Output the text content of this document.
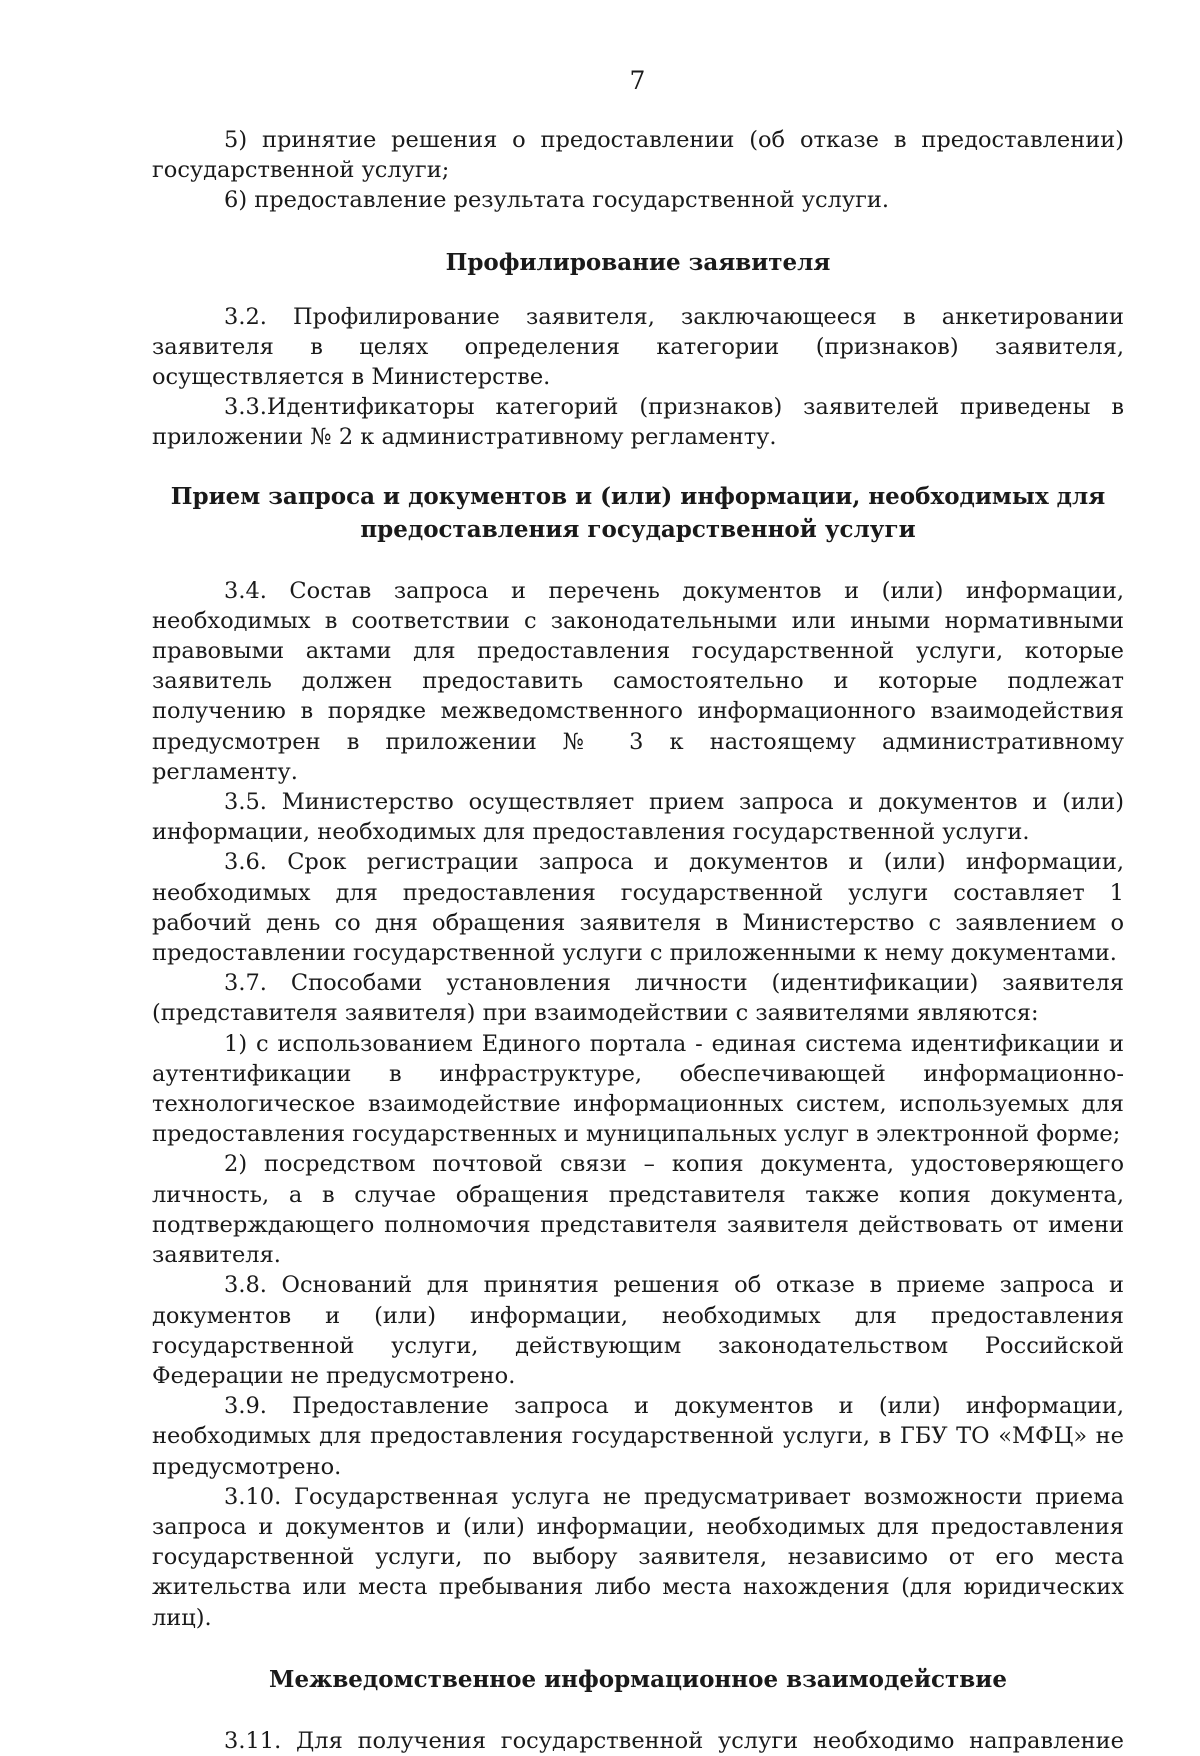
7

5) принятие решения о предоставлении (об отказе в предоставлении) государственной услуги;

6) предоставление результата государственной услуги.

Профилирование заявителя

3.2. Профилирование заявителя, заключающееся в анкетировании заявителя в целях определения категории (признаков) заявителя, осуществляется в Министерстве.

3.3.Идентификаторы категорий (признаков) заявителей приведены в приложении № 2 к административному регламенту.

Прием запроса и документов и (или) информации, необходимых для предоставления государственной услуги

3.4. Состав запроса и перечень документов и (или) информации, необходимых в соответствии с законодательными или иными нормативными правовыми актами для предоставления государственной услуги, которые заявитель должен предоставить самостоятельно и которые подлежат получению в порядке межведомственного информационного взаимодействия предусмотрен в приложении № 3 к настоящему административному регламенту.

3.5. Министерство осуществляет прием запроса и документов и (или) информации, необходимых для предоставления государственной услуги.

3.6. Срок регистрации запроса и документов и (или) информации, необходимых для предоставления государственной услуги составляет 1 рабочий день со дня обращения заявителя в Министерство с заявлением о предоставлении государственной услуги с приложенными к нему документами.

3.7. Способами установления личности (идентификации) заявителя (представителя заявителя) при взаимодействии с заявителями являются:

1) с использованием Единого портала - единая система идентификации и аутентификации в инфраструктуре, обеспечивающей информационно-технологическое взаимодействие информационных систем, используемых для предоставления государственных и муниципальных услуг в электронной форме;

2) посредством почтовой связи – копия документа, удостоверяющего личность, а в случае обращения представителя также копия документа, подтверждающего полномочия представителя заявителя действовать от имени заявителя.

3.8. Оснований для принятия решения об отказе в приеме запроса и документов и (или) информации, необходимых для предоставления государственной услуги, действующим законодательством Российской Федерации не предусмотрено.

3.9. Предоставление запроса и документов и (или) информации, необходимых для предоставления государственной услуги, в ГБУ ТО «МФЦ» не предусмотрено.

3.10. Государственная услуга не предусматривает возможности приема запроса и документов и (или) информации, необходимых для предоставления государственной услуги, по выбору заявителя, независимо от его места жительства или места пребывания либо места нахождения (для юридических лиц).

Межведомственное информационное взаимодействие

3.11. Для получения государственной услуги необходимо направление
